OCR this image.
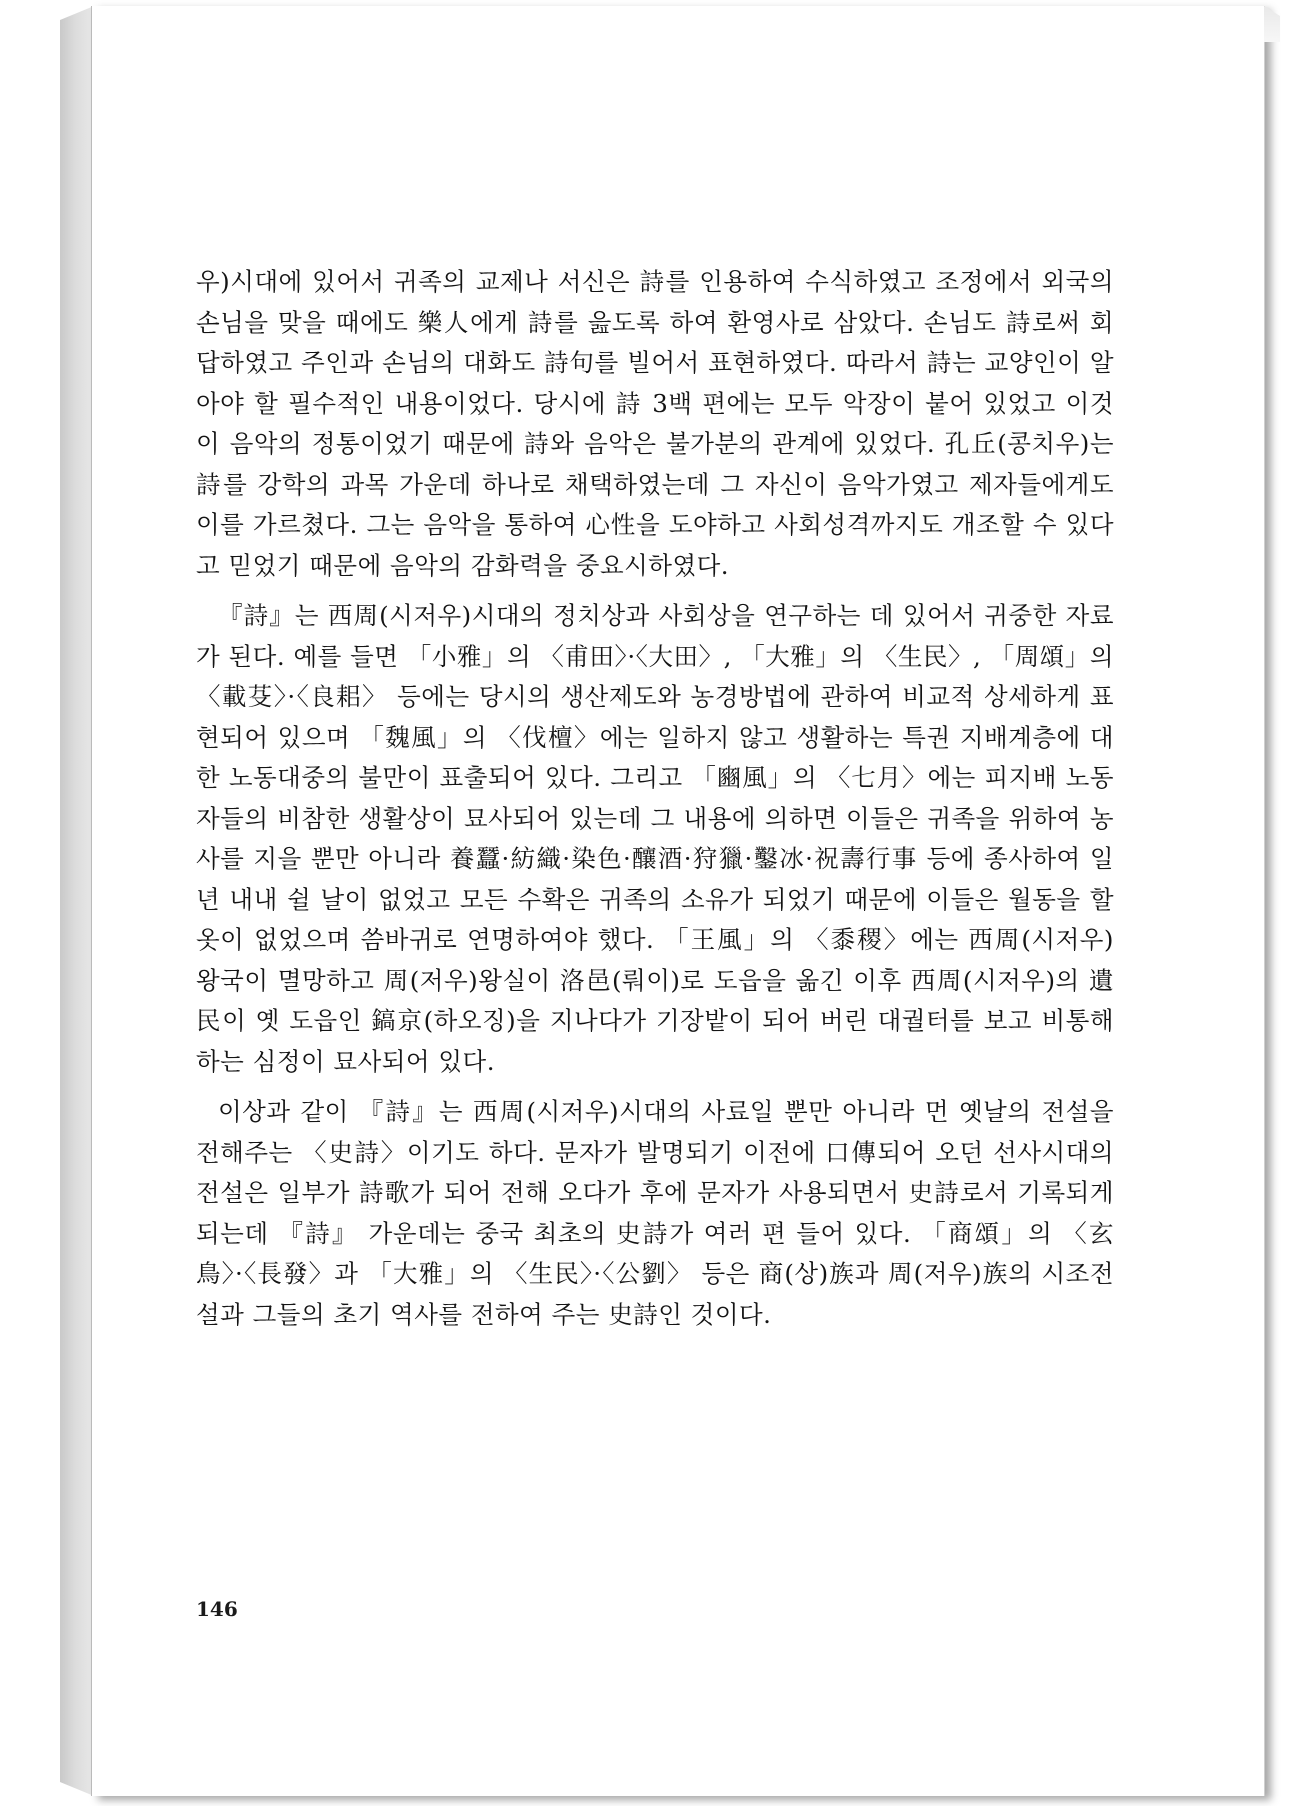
우)시대에 있어서 귀족의 교제나 서신은 詩를 인용하여 수식하였고 조정에서 외국의 손님을 맞을 때에도 樂人에게 詩를 읊도록 하여 환영사로 삼았다. 손님도 詩로써 회답하였고 주인과 손님의 대화도 詩句를 빌어서 표현하였다. 따라서 詩는 교양인이 알아야 할 필수적인 내용이었다. 당시에 詩 3백 편에는 모두 악장이 붙어 있었고 이것이 음악의 정통이었기 때문에 詩와 음악은 불가분의 관계에 있었다. 孔丘(콩치우)는 詩를 강학의 과목 가운데 하나로 채택하였는데 그 자신이 음악가였고 제자들에게도 이를 가르쳤다. 그는 음악을 통하여 心性을 도야하고 사회성격까지도 개조할 수 있다고 믿었기 때문에 음악의 감화력을 중요시하였다.

『詩』는 西周(시저우)시대의 정치상과 사회상을 연구하는 데 있어서 귀중한 자료가 된다. 예를 들면 「小雅」의 〈甫田〉·〈大田〉, 「大雅」의 〈生民〉, 「周頌」의 〈載芟〉·〈良耜〉 등에는 당시의 생산제도와 농경방법에 관하여 비교적 상세하게 표현되어 있으며 「魏風」의 〈伐檀〉에는 일하지 않고 생활하는 특권 지배계층에 대한 노동대중의 불만이 표출되어 있다. 그리고 「豳風」의 〈七月〉에는 피지배 노동자들의 비참한 생활상이 묘사되어 있는데 그 내용에 의하면 이들은 귀족을 위하여 농사를 지을 뿐만 아니라 養蠶·紡織·染色·釀酒·狩獵·鑿冰·祝壽行事 등에 종사하여 일 년 내내 쉴 날이 없었고 모든 수확은 귀족의 소유가 되었기 때문에 이들은 월동을 할 옷이 없었으며 씀바귀로 연명하여야 했다. 「王風」의 〈黍稷〉에는 西周(시저우) 왕국이 멸망하고 周(저우)왕실이 洛邑(뤄이)로 도읍을 옮긴 이후 西周(시저우)의 遺民이 옛 도읍인 鎬京(하오징)을 지나다가 기장밭이 되어 버린 대궐터를 보고 비통해 하는 심정이 묘사되어 있다.

이상과 같이 『詩』는 西周(시저우)시대의 사료일 뿐만 아니라 먼 옛날의 전설을 전해주는 〈史詩〉이기도 하다. 문자가 발명되기 이전에 口傳되어 오던 선사시대의 전설은 일부가 詩歌가 되어 전해 오다가 후에 문자가 사용되면서 史詩로서 기록되게 되는데 『詩』 가운데는 중국 최초의 史詩가 여러 편 들어 있다. 「商頌」의 〈玄鳥〉·〈長發〉과 「大雅」의 〈生民〉·〈公劉〉 등은 商(상)族과 周(저우)族의 시조전설과 그들의 초기 역사를 전하여 주는 史詩인 것이다.

146
